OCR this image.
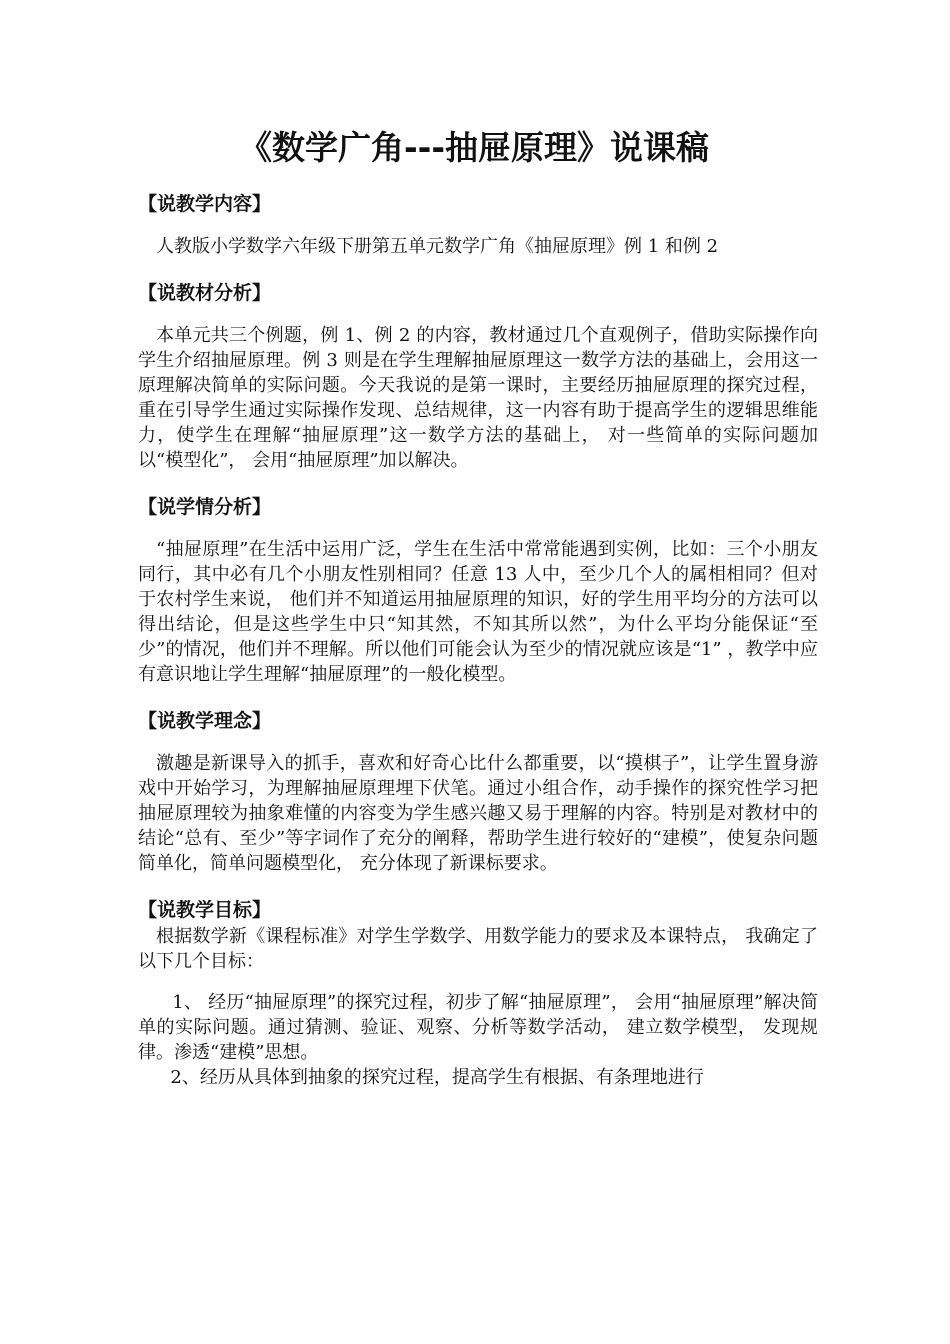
《数学广角---抽屉原理》说课稿

【说教学内容】

人教版小学数学六年级下册第五单元数学广角《抽屉原理》例 1 和例 2

【说教材分析】

本单元共三个例题，例 1、例 2 的内容，教材通过几个直观例子，借助实际操作向学生介绍抽屉原理。例 3 则是在学生理解抽屉原理这一数学方法的基础上，会用这一原理解决简单的实际问题。今天我说的是第一课时，主要经历抽屉原理的探究过程，重在引导学生通过实际操作发现、总结规律，这一内容有助于提高学生的逻辑思维能力，使学生在理解“抽屉原理”这一数学方法的基础上， 对一些简单的实际问题加以“模型化”， 会用“抽屉原理”加以解决。

【说学情分析】

“抽屉原理”在生活中运用广泛，学生在生活中常常能遇到实例，比如：三个小朋友同行，其中必有几个小朋友性别相同？任意 13 人中，至少几个人的属相相同？但对于农村学生来说， 他们并不知道运用抽屉原理的知识，好的学生用平均分的方法可以得出结论，但是这些学生中只“知其然，不知其所以然”，为什么平均分能保证“至少”的情况，他们并不理解。所以他们可能会认为至少的情况就应该是“1” ，教学中应有意识地让学生理解“抽屉原理”的一般化模型。

【说教学理念】

激趣是新课导入的抓手，喜欢和好奇心比什么都重要，以“摸棋子”，让学生置身游戏中开始学习，为理解抽屉原理埋下伏笔。通过小组合作，动手操作的探究性学习把抽屉原理较为抽象难懂的内容变为学生感兴趣又易于理解的内容。特别是对教材中的结论“总有、至少”等字词作了充分的阐释，帮助学生进行较好的“建模”，使复杂问题简单化，简单问题模型化， 充分体现了新课标要求。

【说教学目标】

根据数学新《课程标准》对学生学数学、用数学能力的要求及本课特点， 我确定了以下几个目标：

1、 经历“抽屉原理”的探究过程，初步了解“抽屉原理”， 会用“抽屉原理”解决简单的实际问题。通过猜测、验证、观察、分析等数学活动， 建立数学模型， 发现规律。渗透“建模”思想。

2、经历从具体到抽象的探究过程，提高学生有根据、有条理地进行
